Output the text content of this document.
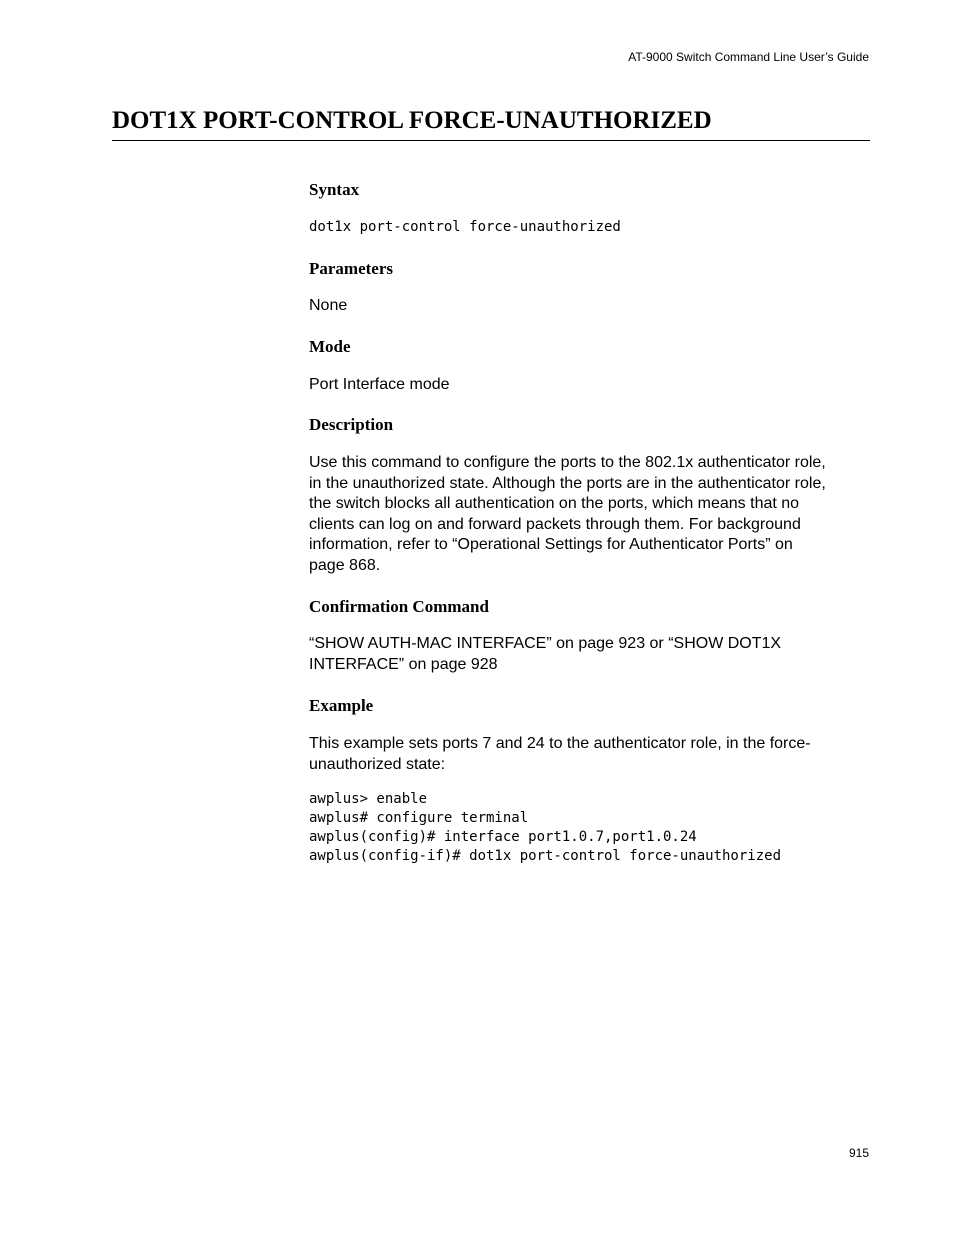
AT-9000 Switch Command Line User’s Guide
DOT1X PORT-CONTROL FORCE-UNAUTHORIZED
Syntax

dot1x port-control force-unauthorized

Parameters

None

Mode

Port Interface mode

Description
Use this command to configure the ports to the 802.1x authenticator role,
in the unauthorized state. Although the ports are in the authenticator role,
the switch blocks all authentication on the ports, which means that no
clients can log on and forward packets through them. For background
information, refer to “Operational Settings for Authenticator Ports” on
page 868.
Confirmation Command
“SHOW AUTH-MAC INTERFACE” on page 923 or “SHOW DOT1X
INTERFACE” on page 928
Example
This example sets ports 7 and 24 to the authenticator role, in the force-
unauthorized state:
awplus> enable
awplus# configure terminal
awplus(config)# interface port1.0.7,port1.0.24
awplus(config-if)# dot1x port-control force-unauthorized
915
